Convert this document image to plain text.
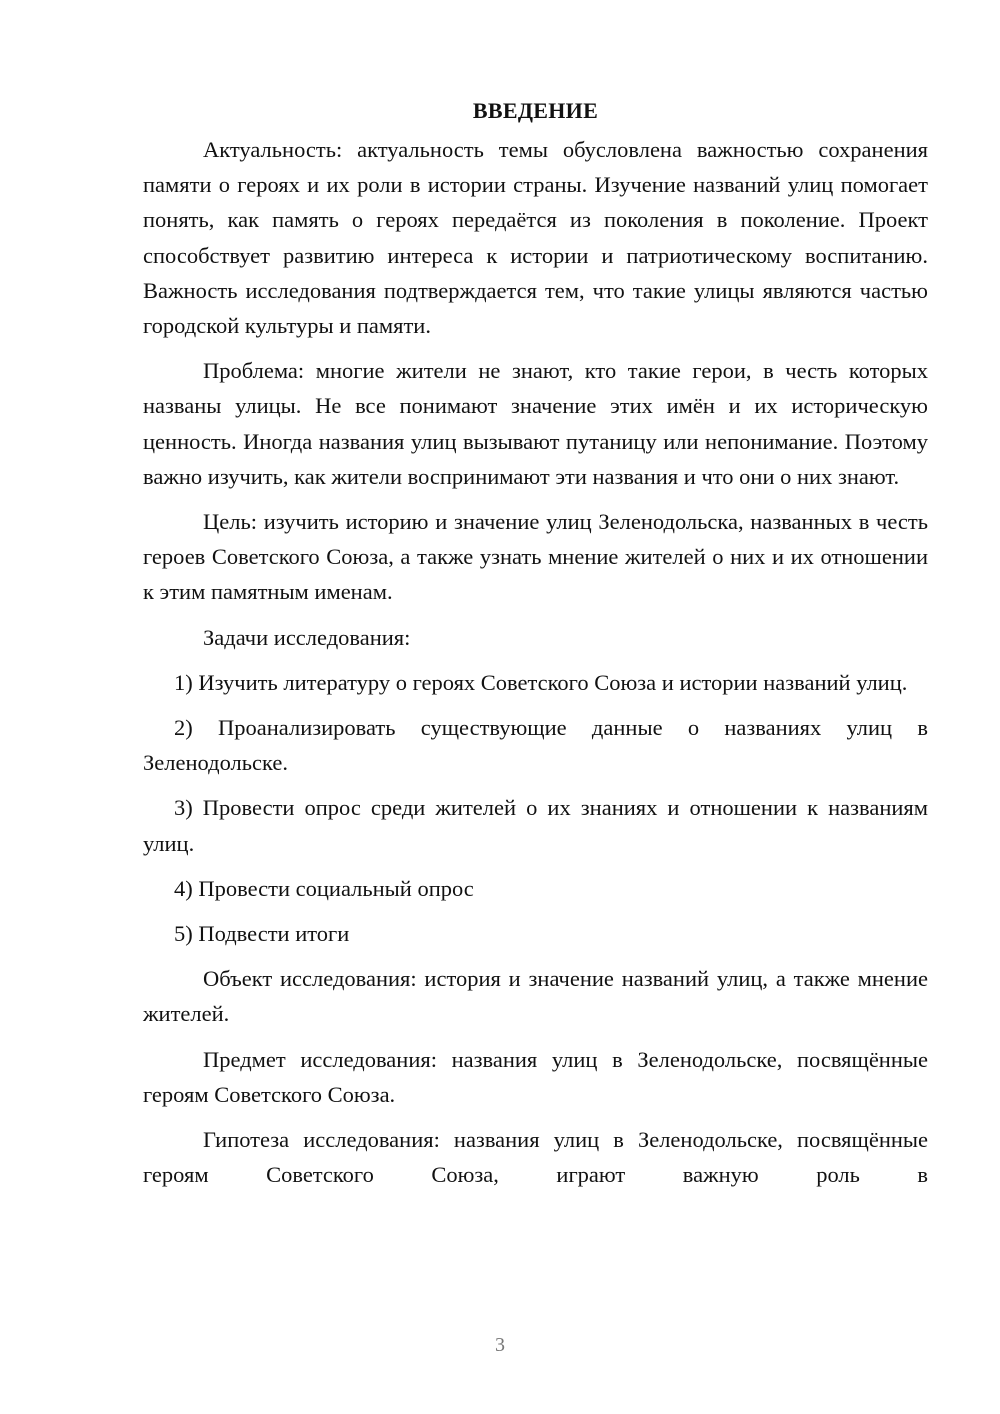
ВВЕДЕНИЕ

Актуальность: актуальность темы обусловлена важностью сохранения памяти о героях и их роли в истории страны. Изучение названий улиц помогает понять, как память о героях передаётся из поколения в поколение. Проект способствует развитию интереса к истории и патриотическому воспитанию. Важность исследования подтверждается тем, что такие улицы являются частью городской культуры и памяти.

Проблема: многие жители не знают, кто такие герои, в честь которых названы улицы. Не все понимают значение этих имён и их историческую ценность. Иногда названия улиц вызывают путаницу или непонимание. Поэтому важно изучить, как жители воспринимают эти названия и что они о них знают.

Цель: изучить историю и значение улиц Зеленодольска, названных в честь героев Советского Союза, а также узнать мнение жителей о них и их отношении к этим памятным именам.

Задачи исследования:

1) Изучить литературу о героях Советского Союза и истории названий улиц.

2) Проанализировать существующие данные о названиях улиц в Зеленодольске.

3) Провести опрос среди жителей о их знаниях и отношении к названиям улиц.

4) Провести социальный опрос

5) Подвести итоги

Объект исследования: история и значение названий улиц, а также мнение жителей.

Предмет исследования: названия улиц в Зеленодольске, посвящённые героям Советского Союза.

Гипотеза исследования: названия улиц в Зеленодольске, посвящённые героям Советского Союза, играют важную роль в

3
